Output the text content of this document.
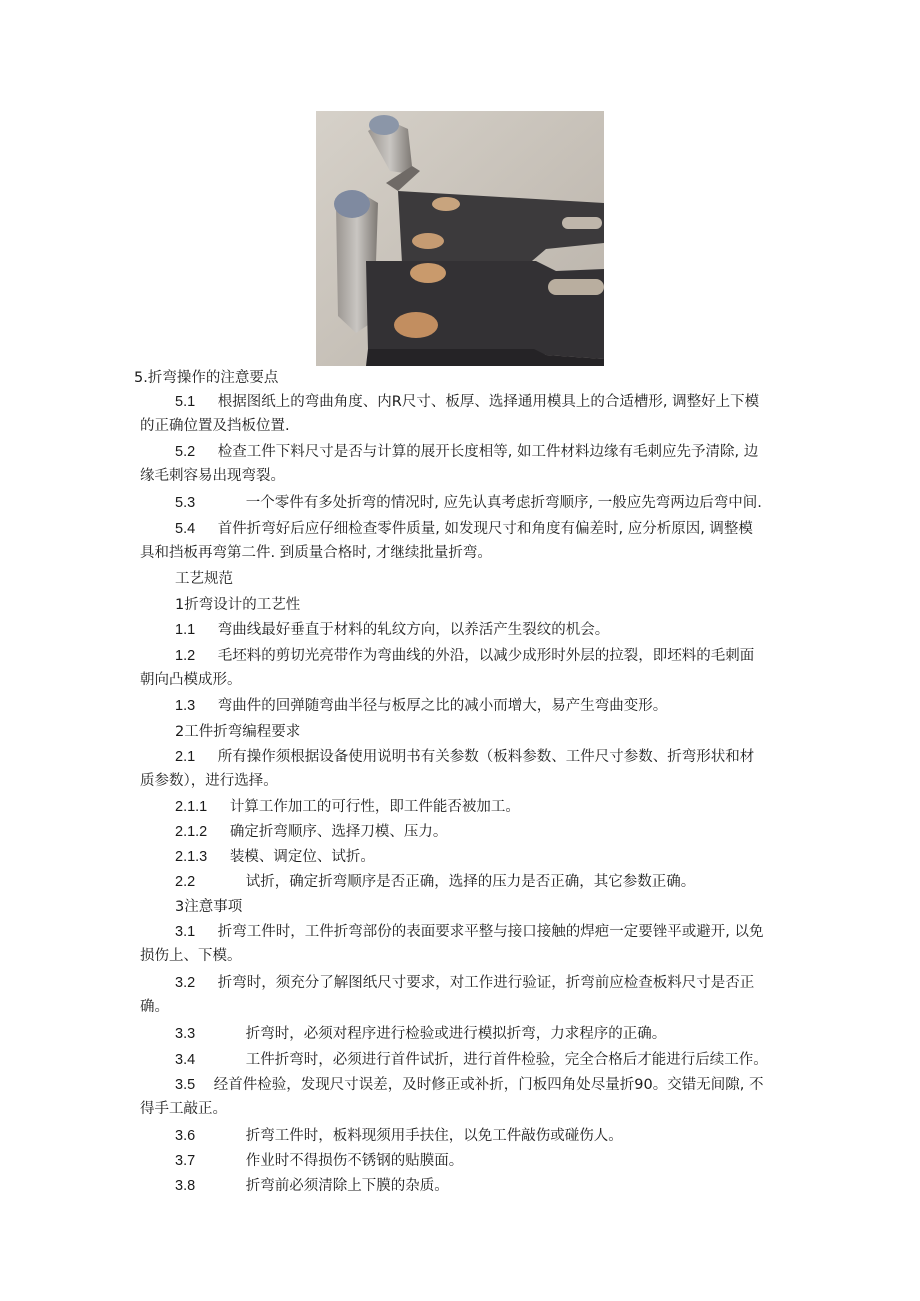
5.折弯操作的注意要点
5.1 根据图纸上的弯曲角度、内R尺寸、板厚、选择通用模具上的合适槽形, 调整好上下模
的正确位置及挡板位置.
5.2 检查工件下料尺寸是否与计算的展开长度相等, 如工件材料边缘有毛刺应先予清除, 边
缘毛刺容易出现弯裂。
5.3	一个零件有多处折弯的情况时, 应先认真考虑折弯顺序, 一般应先弯两边后弯中间.
5.4 首件折弯好后应仔细检查零件质量, 如发现尺寸和角度有偏差时, 应分析原因, 调整模
具和挡板再弯第二件. 到质量合格时, 才继续批量折弯。
工艺规范
1折弯设计的工艺性
1.1 弯曲线最好垂直于材料的轧纹方向，以养活产生裂纹的机会。
1.2 毛坯料的剪切光亮带作为弯曲线的外沿，以减少成形时外层的拉裂，即坯料的毛刺面
朝向凸模成形。
1.3 弯曲件的回弹随弯曲半径与板厚之比的减小而增大，易产生弯曲变形。
2工件折弯编程要求
2.1 所有操作须根据设备使用说明书有关参数（板料参数、工件尺寸参数、折弯形状和材
质参数），进行选择。
2.1.1 计算工作加工的可行性，即工件能否被加工。
2.1.2 确定折弯顺序、选择刀模、压力。
2.1.3 装模、调定位、试折。
2.2	试折，确定折弯顺序是否正确，选择的压力是否正确，其它参数正确。
3注意事项
3.1 折弯工件时，工件折弯部份的表面要求平整与接口接触的焊疤一定要锉平或避开, 以免
损伤上、下模。
3.2 折弯时，须充分了解图纸尺寸要求，对工作进行验证，折弯前应检查板料尺寸是否正
确。
3.3	折弯时，必须对程序进行检验或进行模拟折弯，力求程序的正确。
3.4	工件折弯时，必须进行首件试折，进行首件检验，完全合格后才能进行后续工作。
3.5 经首件检验，发现尺寸误差，及时修正或补折，门板四角处尽量折90。交错无间隙, 不
得手工敲正。
3.6	折弯工件时，板料现须用手扶住，以免工件敲伤或碰伤人。
3.7	作业时不得损伤不锈钢的贴膜面。
3.8	折弯前必须清除上下膜的杂质。
